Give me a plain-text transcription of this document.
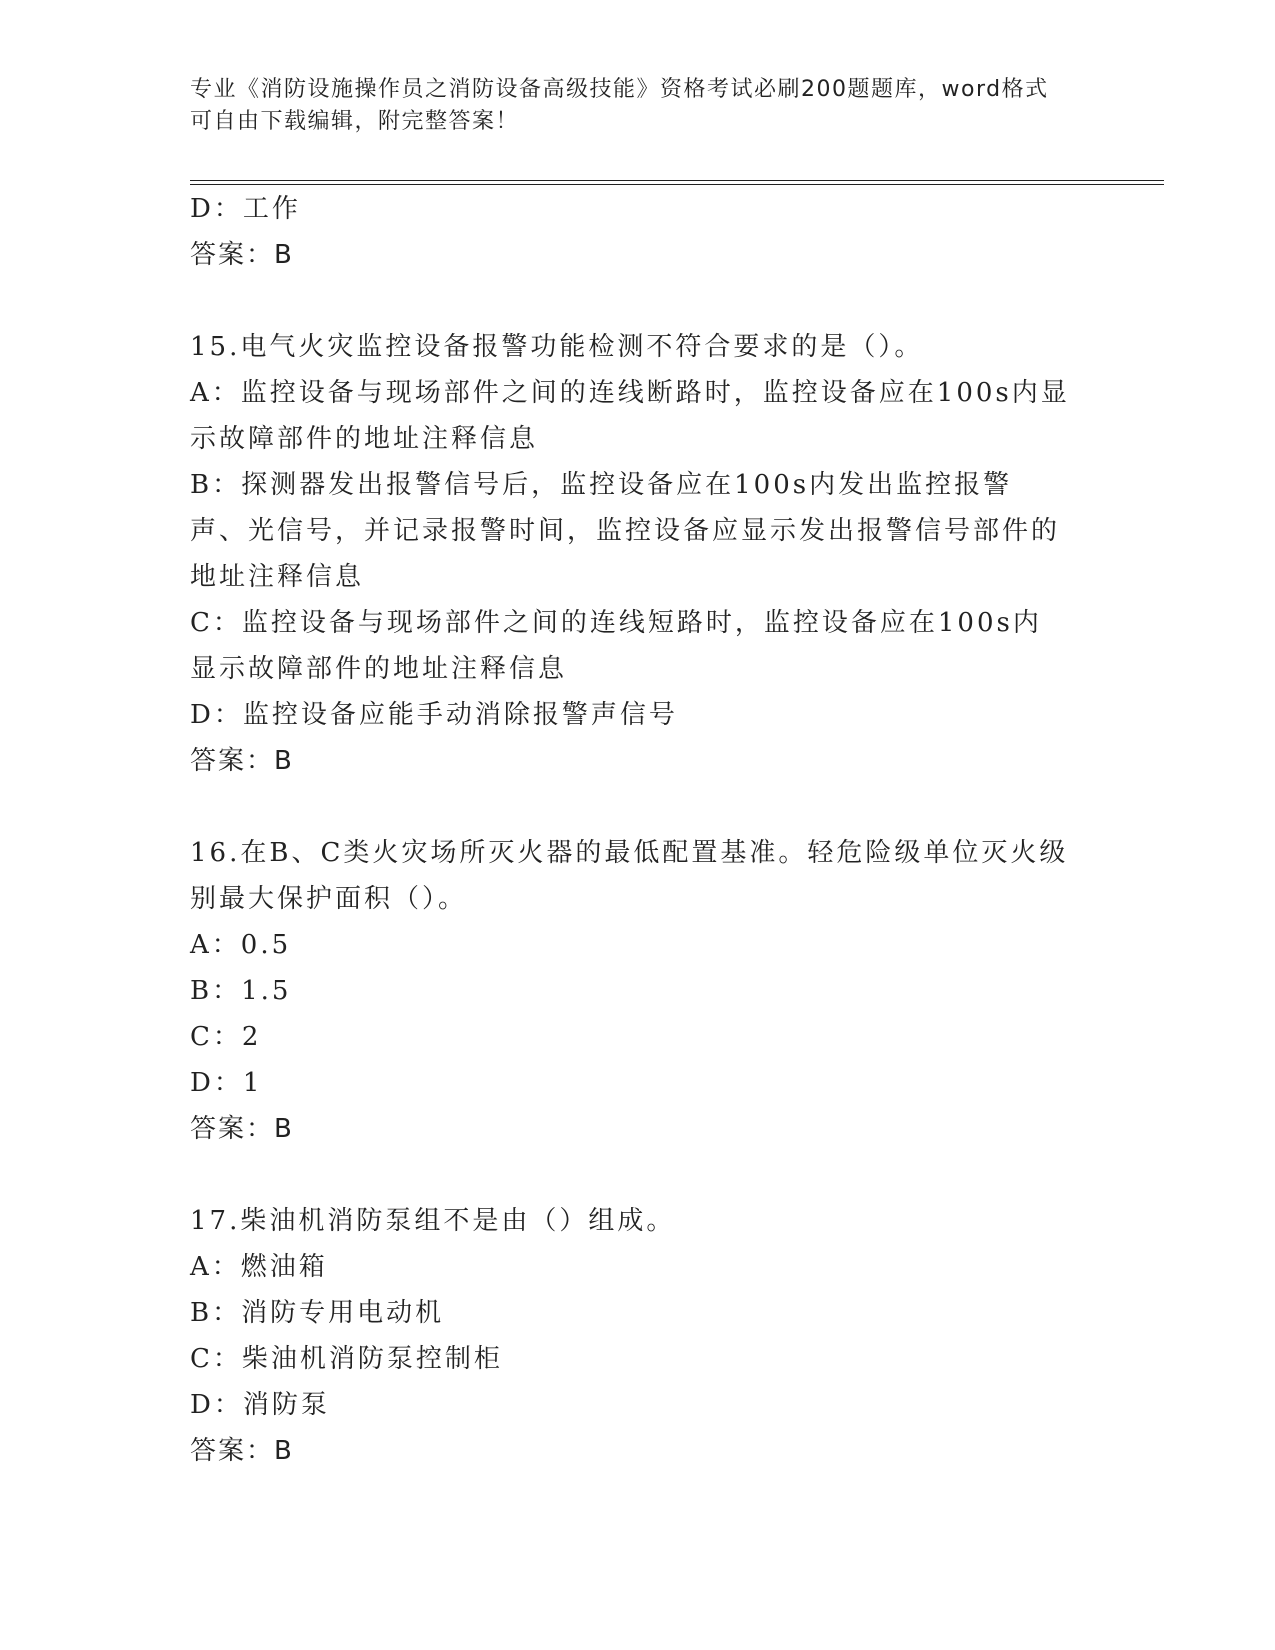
专业《消防设施操作员之消防设备高级技能》资格考试必刷200题题库，word格式可自由下载编辑，附完整答案！
D：工作
答案：B
15.电气火灾监控设备报警功能检测不符合要求的是（）。
A：监控设备与现场部件之间的连线断路时，监控设备应在100s内显示故障部件的地址注释信息
B：探测器发出报警信号后，监控设备应在100s内发出监控报警声、光信号，并记录报警时间，监控设备应显示发出报警信号部件的地址注释信息
C：监控设备与现场部件之间的连线短路时，监控设备应在100s内显示故障部件的地址注释信息
D：监控设备应能手动消除报警声信号
答案：B
16.在B、C类火灾场所灭火器的最低配置基准。轻危险级单位灭火级别最大保护面积（）。
A：0.5
B：1.5
C：2
D：1
答案：B
17.柴油机消防泵组不是由（）组成。
A：燃油箱
B：消防专用电动机
C：柴油机消防泵控制柜
D：消防泵
答案：B
